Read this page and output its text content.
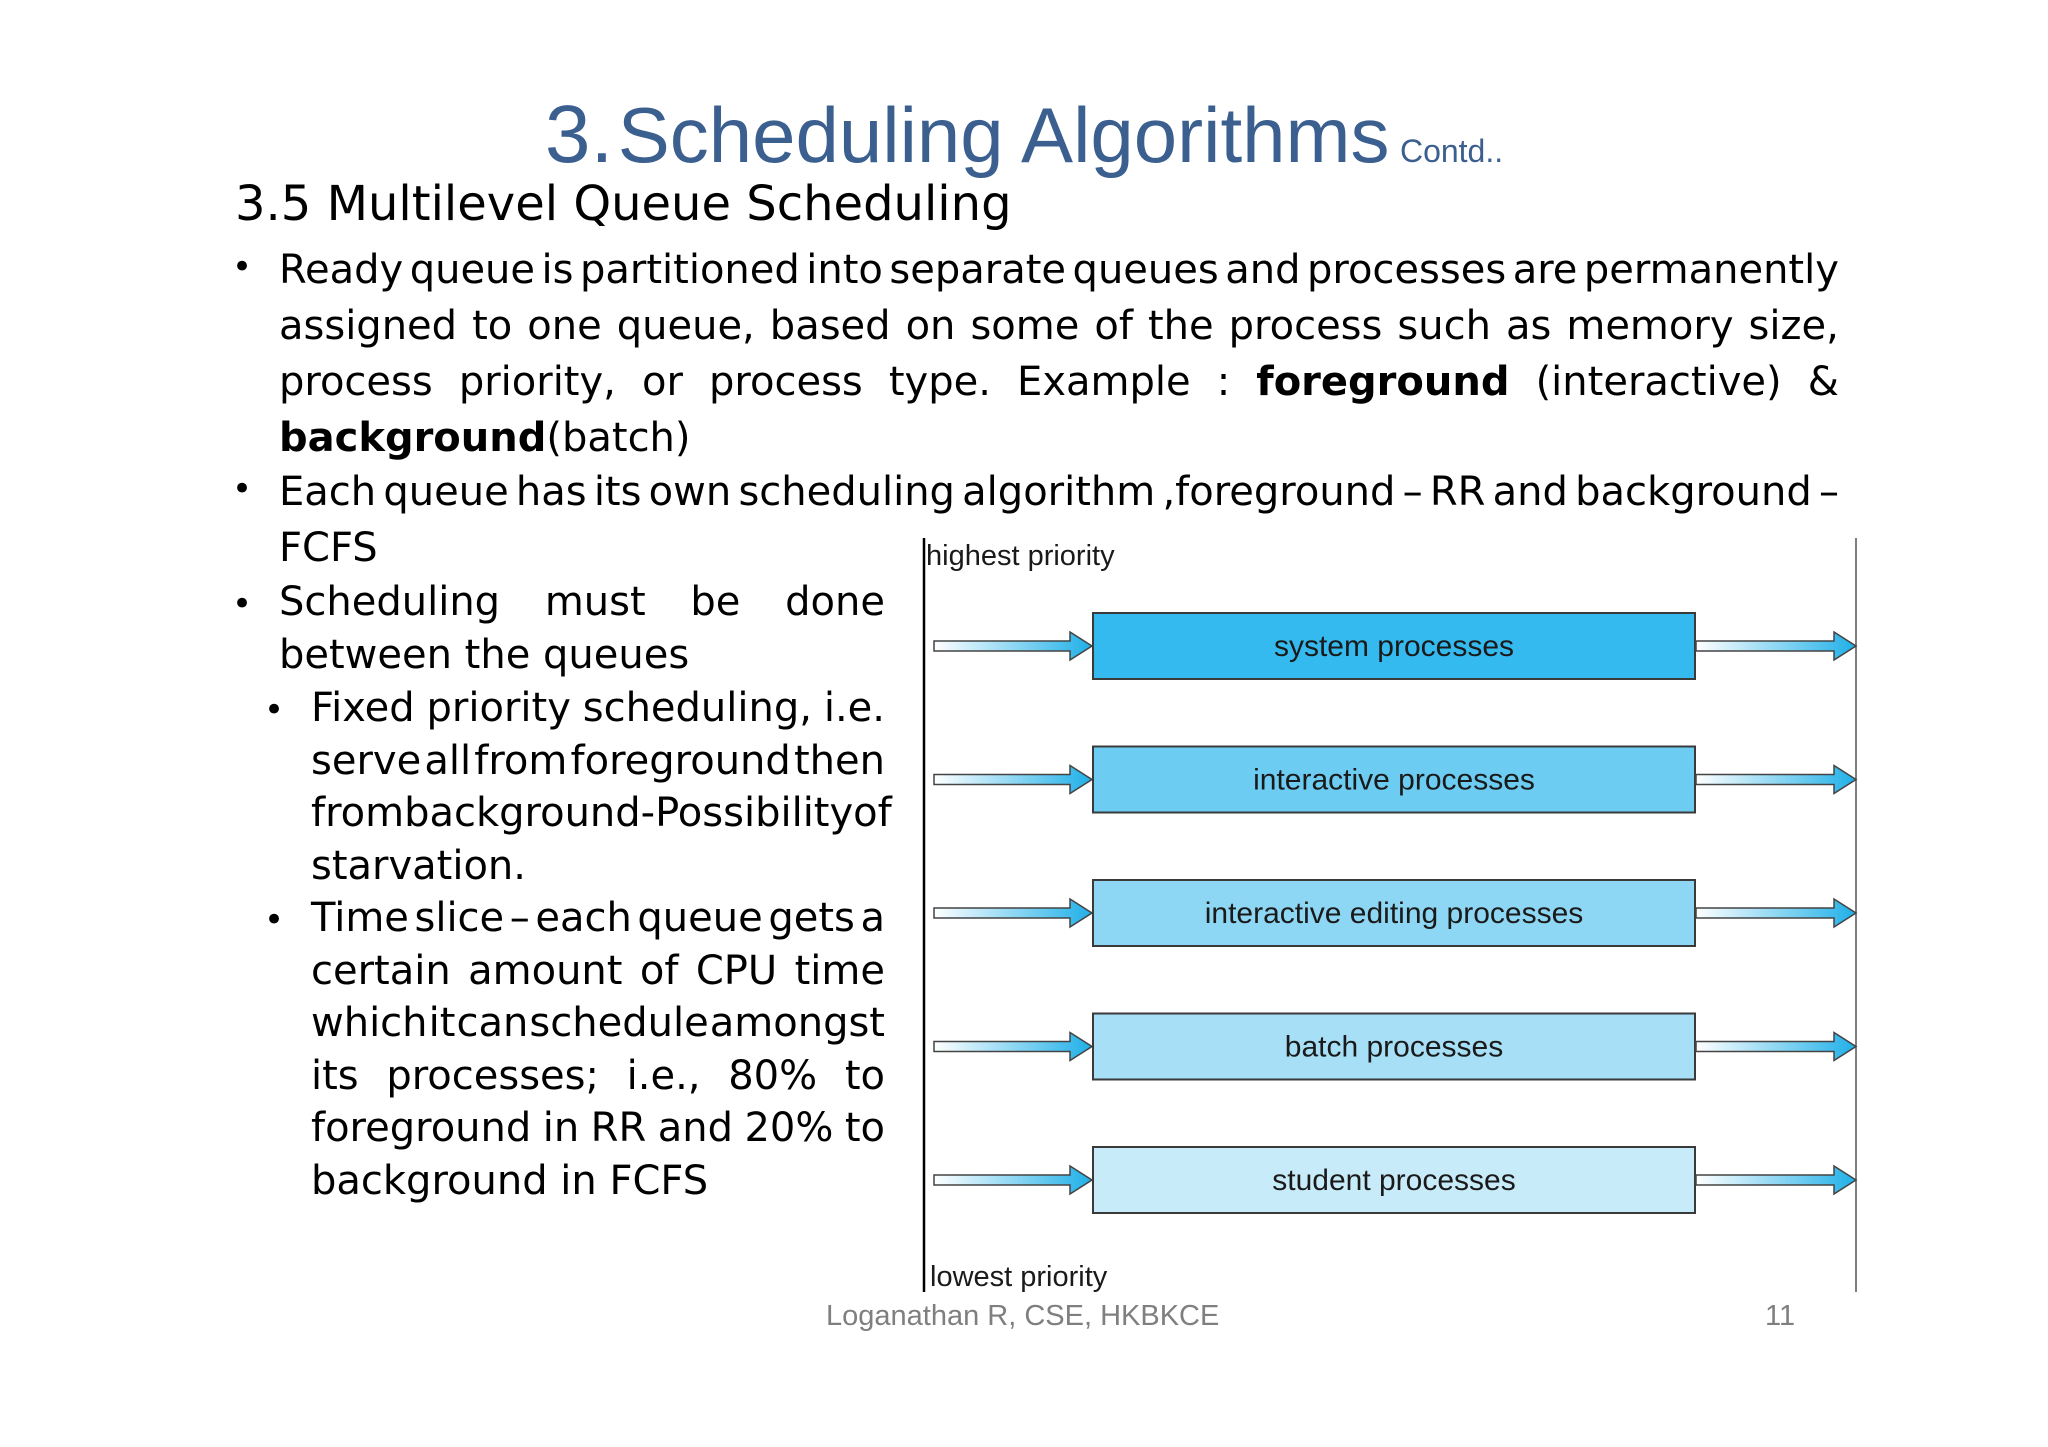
3. Scheduling Algorithms Contd..
3.5 Multilevel Queue Scheduling
• Ready queue is partitioned into separate queues and processes are permanently
assigned to one queue, based on some of the process such as memory size,
process priority, or process type. Example : foreground (interactive) &
background (batch)
• Each queue has its own scheduling algorithm ,foreground – RR and background –
FCFS
• Scheduling must be done
between the queues
• Fixed priority scheduling, i.e.
serve all from foreground then
from background- Possibility of
starvation.
• Time slice – each queue gets a
certain amount of CPU time
which it can schedule amongst
its processes; i.e., 80% to
foreground in RR and 20% to
background in FCFS
highest priority
lowest priority
system processes
interactive processes
interactive editing processes
batch processes
student processes
Loganathan R, CSE, HKBKCE	11
